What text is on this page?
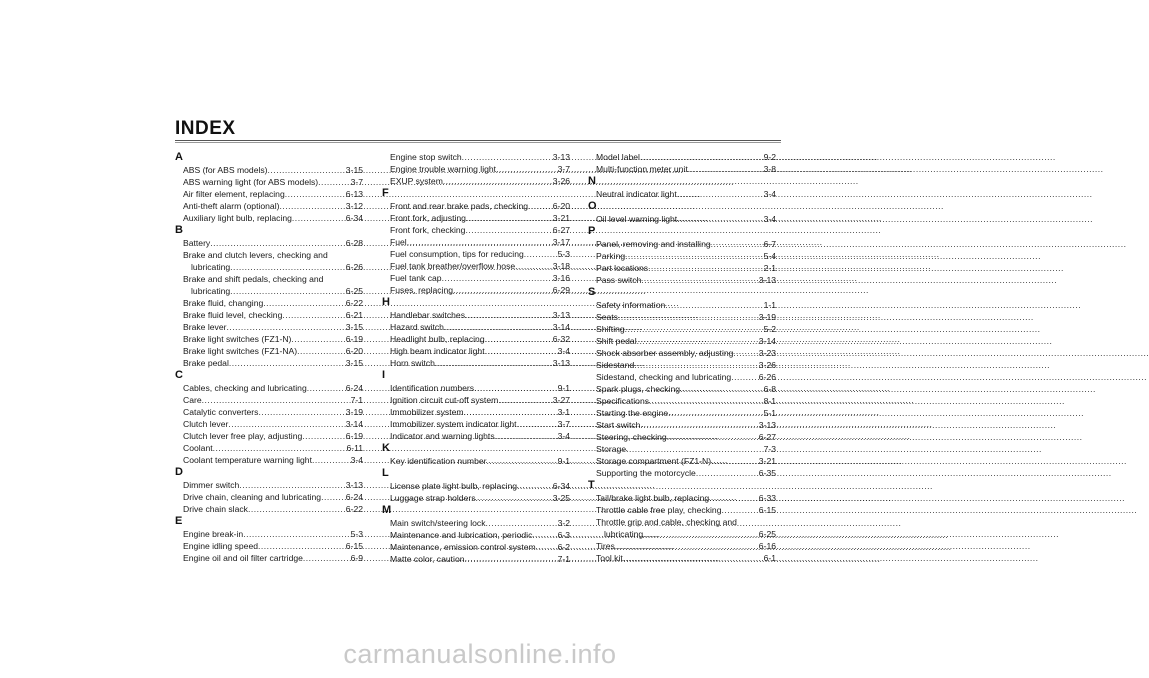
INDEX
A
ABS (for ABS models) .....	3-15
ABS warning light (for ABS models) .....	3-7
Air filter element, replacing .....	6-13
Anti-theft alarm (optional) .....	3-12
Auxiliary light bulb, replacing .....	6-34
B
Battery .....	6-28
Brake and clutch levers, checking and
lubricating .....	6-26
Brake and shift pedals, checking and
lubricating .....	6-25
Brake fluid, changing .....	6-22
Brake fluid level, checking .....	6-21
Brake lever .....	3-15
Brake light switches (FZ1-N) .....	6-19
Brake light switches (FZ1-NA) .....	6-20
Brake pedal .....	3-15
C
Cables, checking and lubricating .....	6-24
Care .....	7-1
Catalytic converters .....	3-19
Clutch lever .....	3-14
Clutch lever free play, adjusting .....	6-19
Coolant .....	6-11
Coolant temperature warning light .....	3-4
D
Dimmer switch .....	3-13
Drive chain, cleaning and lubricating .....	6-24
Drive chain slack .....	6-22
E
Engine break-in .....	5-3
Engine idling speed .....	6-15
Engine oil and oil filter cartridge .....	6-9
Engine stop switch .....	3-13
Engine trouble warning light .....	3-7
EXUP system .....	3-26
F
Front and rear brake pads, checking .....	6-20
Front fork, adjusting .....	3-21
Front fork, checking .....	6-27
Fuel .....	3-17
Fuel consumption, tips for reducing .....	5-3
Fuel tank breather/overflow hose .....	3-18
Fuel tank cap .....	3-16
Fuses, replacing .....	6-29
H
Handlebar switches .....	3-13
Hazard switch .....	3-14
Headlight bulb, replacing .....	6-32
High beam indicator light .....	3-4
Horn switch .....	3-13
I
Identification numbers .....	9-1
Ignition circuit cut-off system .....	3-27
Immobilizer system .....	3-1
Immobilizer system indicator light .....	3-7
Indicator and warning lights .....	3-4
K
Key identification number .....	9-1
L
License plate light bulb, replacing .....	6-34
Luggage strap holders .....	3-25
M
Main switch/steering lock .....	3-2
Maintenance and lubrication, periodic .....	6-3
Maintenance, emission control system .....	6-2
Matte color, caution .....	7-1
Model label .....	9-2
Multi-function meter unit .....	3-8
N
Neutral indicator light .....	3-4
O
Oil level warning light .....	3-4
P
Panel, removing and installing .....	6-7
Parking .....	5-4
Part locations .....	2-1
Pass switch .....	3-13
S
Safety information .....	1-1
Seats .....	3-19
Shifting .....	5-2
Shift pedal .....	3-14
Shock absorber assembly, adjusting .....	3-23
Sidestand .....	3-26
Sidestand, checking and lubricating .....	6-26
Spark plugs, checking .....	6-8
Specifications .....	8-1
Starting the engine .....	5-1
Start switch .....	3-13
Steering, checking .....	6-27
Storage .....	7-3
Storage compartment (FZ1-N) .....	3-21
Supporting the motorcycle .....	6-35
T
Tail/brake light bulb, replacing .....	6-33
Throttle cable free play, checking .....	6-15
Throttle grip and cable, checking and
lubricating .....	6-25
Tires .....	6-16
Tool kit .....	6-1
carmanualsonline.info
